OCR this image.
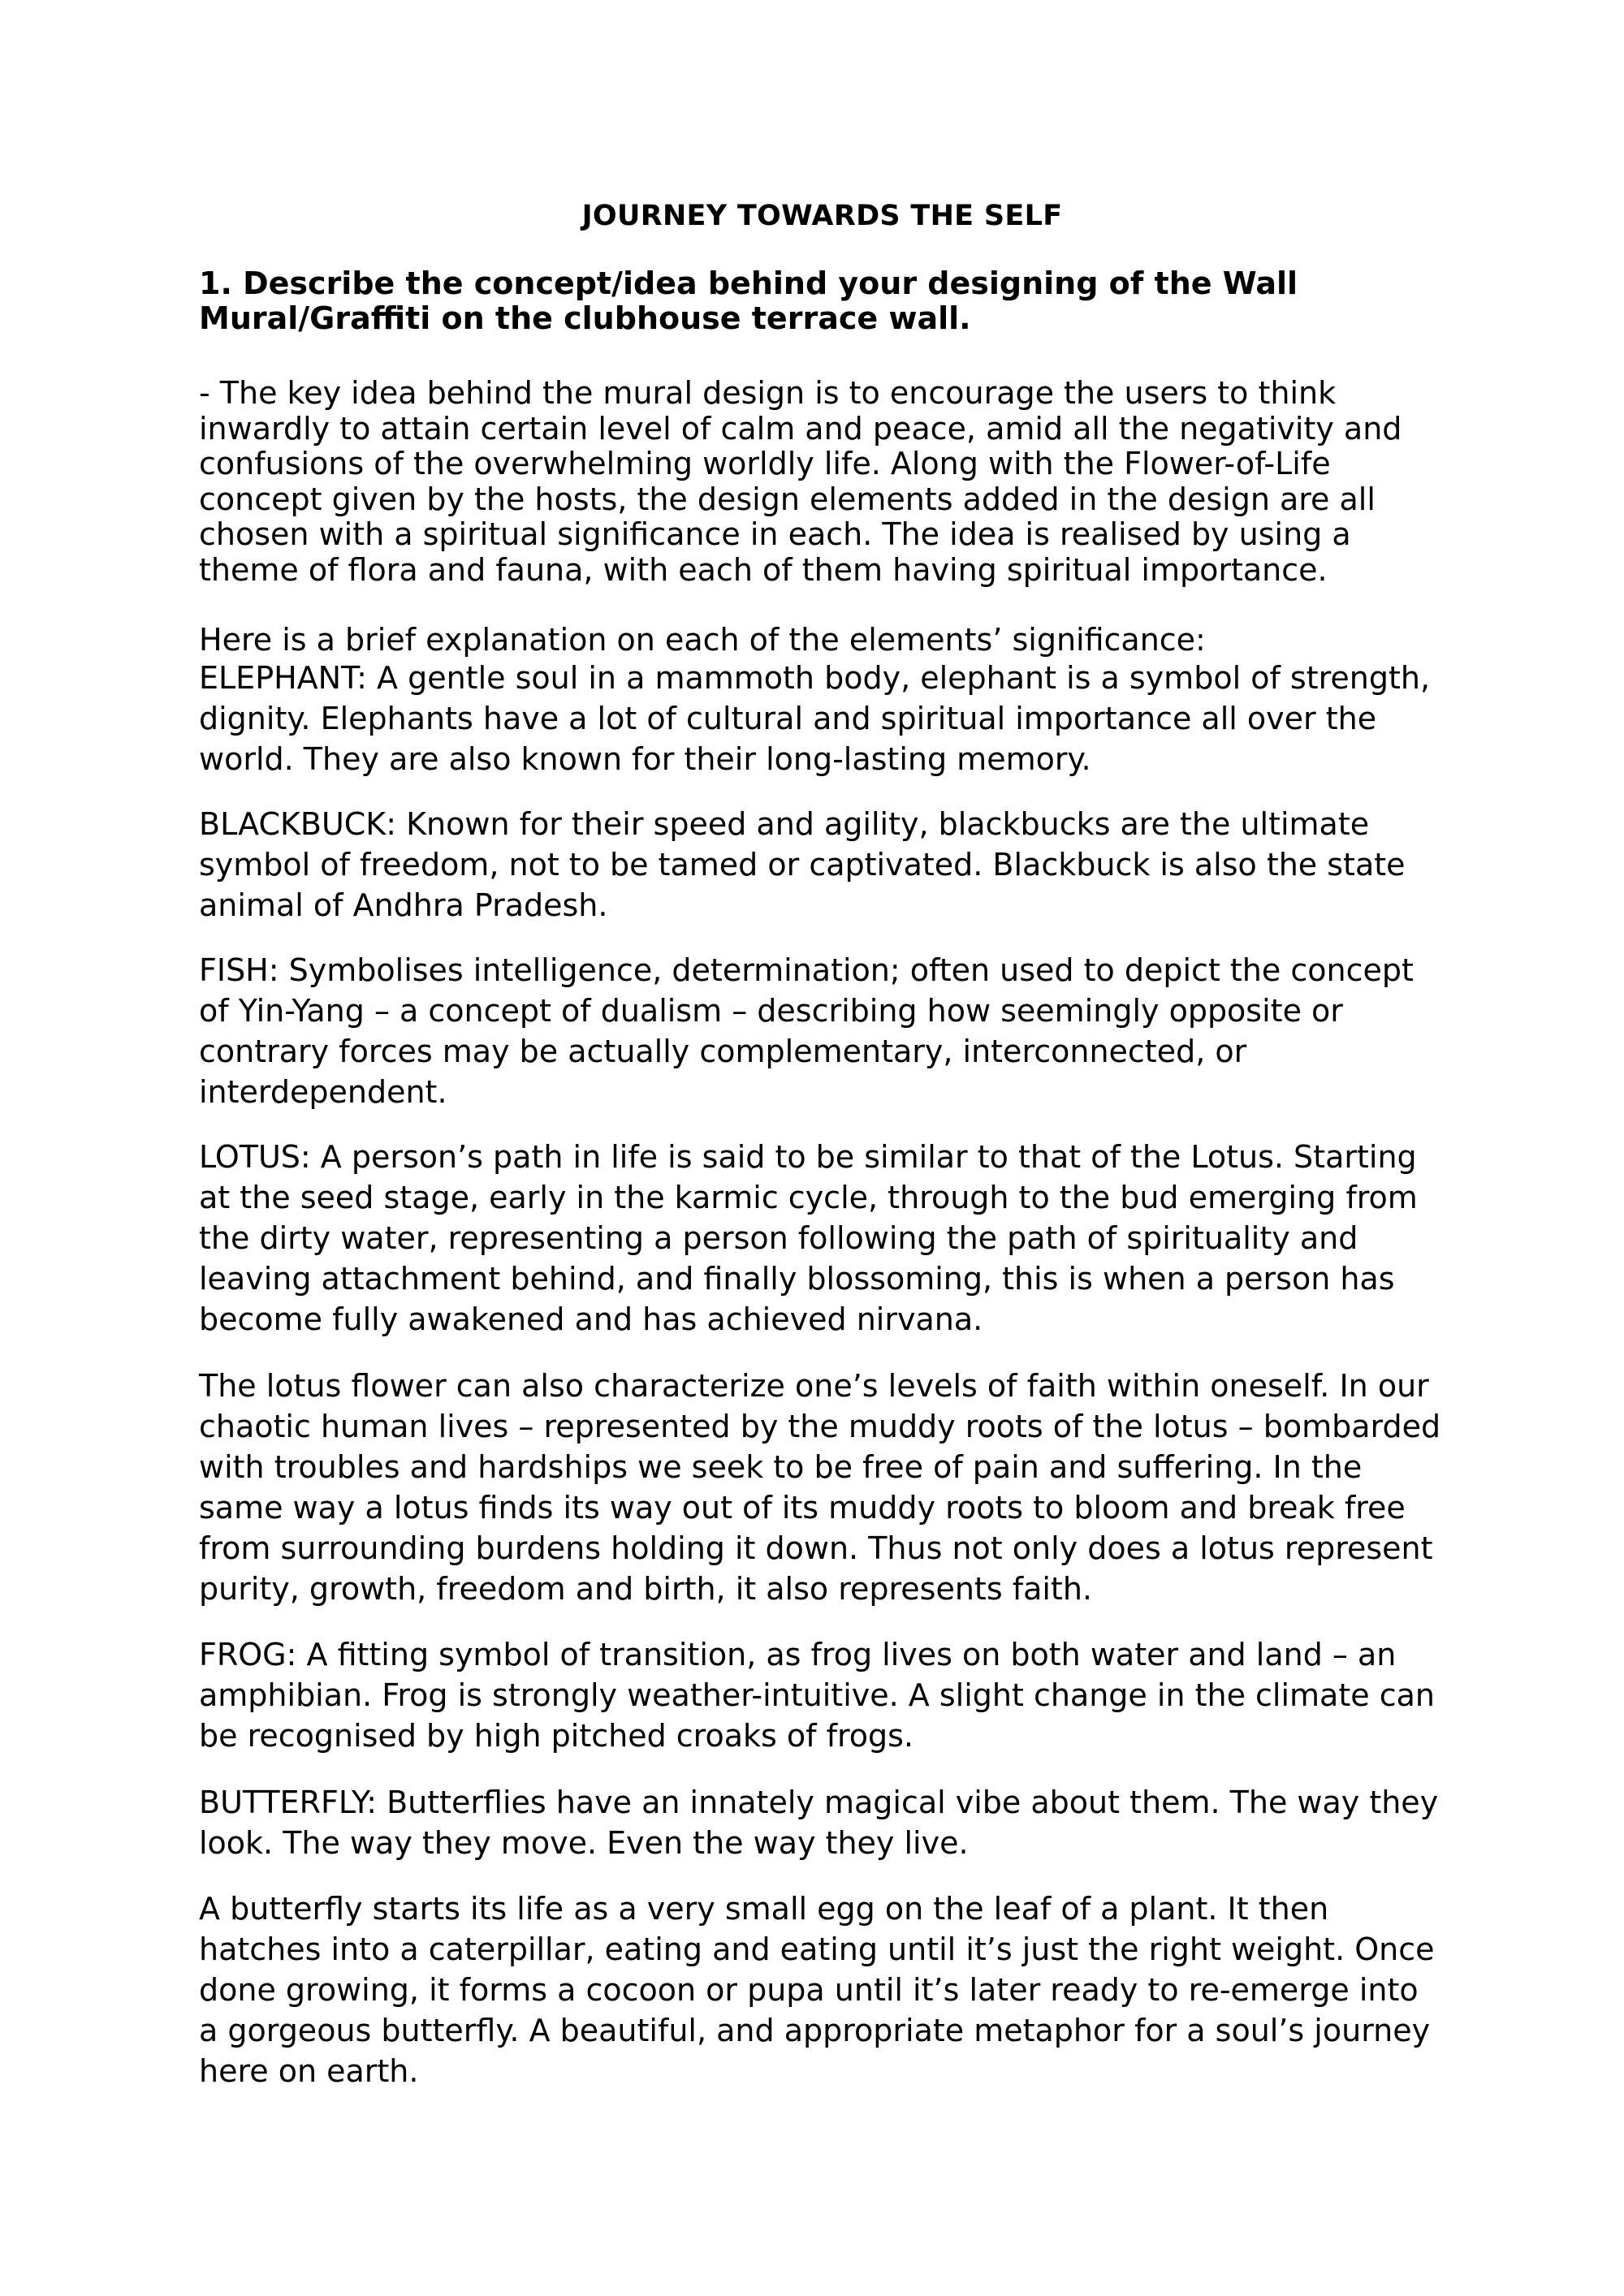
JOURNEY TOWARDS THE SELF

1. Describe the concept/idea behind your designing of the Wall Mural/Graffiti on the clubhouse terrace wall.

- The key idea behind the mural design is to encourage the users to think inwardly to attain certain level of calm and peace, amid all the negativity and confusions of the overwhelming worldly life. Along with the Flower-of-Life concept given by the hosts, the design elements added in the design are all chosen with a spiritual significance in each. The idea is realised by using a theme of flora and fauna, with each of them having spiritual importance.

Here is a brief explanation on each of the elements’ significance:

ELEPHANT: A gentle soul in a mammoth body, elephant is a symbol of strength, dignity. Elephants have a lot of cultural and spiritual importance all over the world. They are also known for their long-lasting memory.

BLACKBUCK: Known for their speed and agility, blackbucks are the ultimate symbol of freedom, not to be tamed or captivated. Blackbuck is also the state animal of Andhra Pradesh.

FISH: Symbolises intelligence, determination; often used to depict the concept of Yin-Yang – a concept of dualism – describing how seemingly opposite or contrary forces may be actually complementary, interconnected, or interdependent.

LOTUS: A person’s path in life is said to be similar to that of the Lotus. Starting at the seed stage, early in the karmic cycle, through to the bud emerging from the dirty water, representing a person following the path of spirituality and leaving attachment behind, and finally blossoming, this is when a person has become fully awakened and has achieved nirvana.

The lotus flower can also characterize one’s levels of faith within oneself. In our chaotic human lives – represented by the muddy roots of the lotus – bombarded with troubles and hardships we seek to be free of pain and suffering. In the same way a lotus finds its way out of its muddy roots to bloom and break free from surrounding burdens holding it down. Thus not only does a lotus represent purity, growth, freedom and birth, it also represents faith.

FROG: A fitting symbol of transition, as frog lives on both water and land – an amphibian. Frog is strongly weather-intuitive. A slight change in the climate can be recognised by high pitched croaks of frogs.

BUTTERFLY: Butterflies have an innately magical vibe about them. The way they look. The way they move. Even the way they live.

A butterfly starts its life as a very small egg on the leaf of a plant. It then hatches into a caterpillar, eating and eating until it’s just the right weight. Once done growing, it forms a cocoon or pupa until it’s later ready to re-emerge into a gorgeous butterfly. A beautiful, and appropriate metaphor for a soul’s journey here on earth.
